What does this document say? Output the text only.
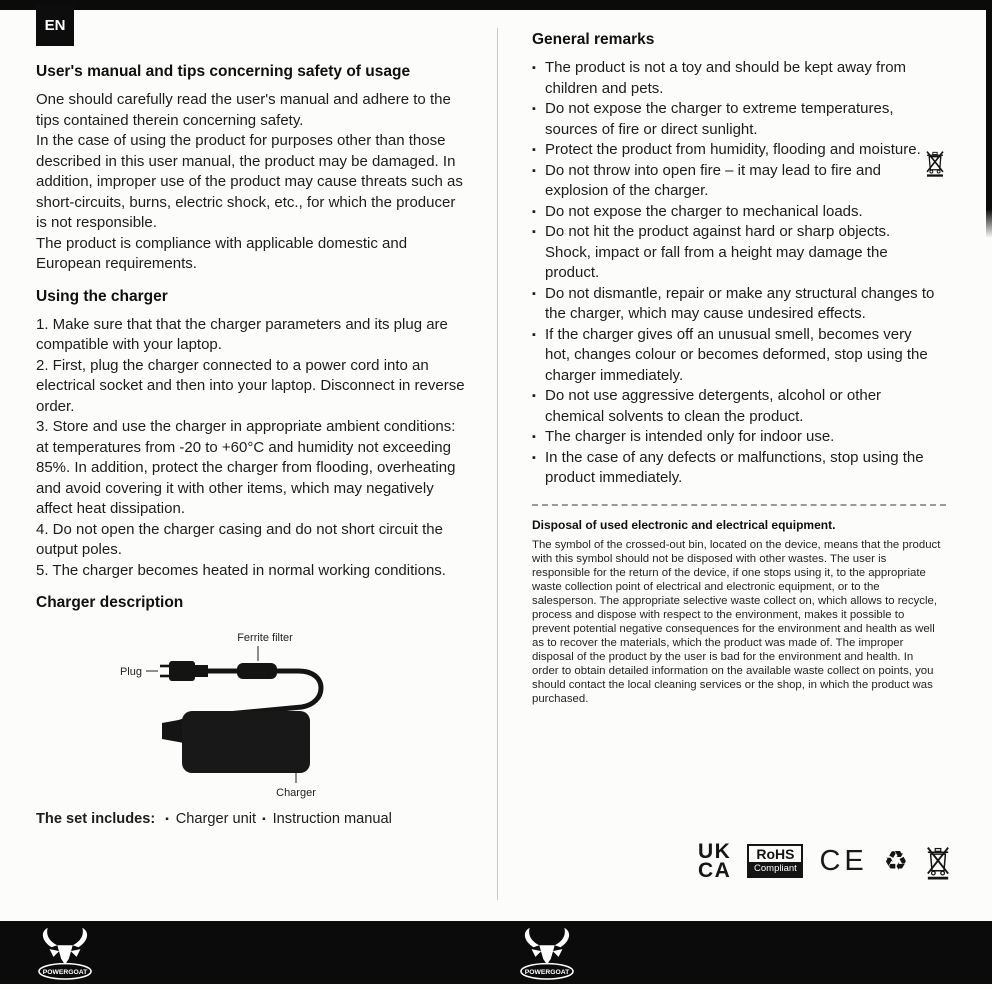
EN
User's manual and tips concerning safety of usage

One should carefully read the user's manual and adhere to the tips contained therein concerning safety.

In the case of using the product for purposes other than those described in this user manual, the product may be damaged. In addition, improper use of the product may cause threats such as short-circuits, burns, electric shock, etc., for which the producer is not responsible.

The product is compliance with applicable domestic and European requirements.

Using the charger

1. Make sure that that the charger parameters and its plug are compatible with your laptop.

2. First, plug the charger connected to a power cord into an electrical socket and then into your laptop. Disconnect in reverse order.

3. Store and use the charger in appropriate ambient conditions: at temperatures from -20 to +60°C and humidity not exceeding 85%. In addition, protect the charger from flooding, overheating and avoid covering it with other items, which may negatively affect heat dissipation.

4. Do not open the charger casing and do not short circuit the output poles.

5. The charger becomes heated in normal working conditions.

Charger description
Plug
Ferrite filter
Charger

The set includes: ▪ Charger unit ▪ Instruction manual

General remarks
▪ The product is not a toy and should be kept away from children and pets.
▪ Do not expose the charger to extreme temperatures, sources of fire or direct sunlight.
▪ Protect the product from humidity, flooding and moisture.
▪ Do not throw into open fire – it may lead to fire and explosion of the charger.
▪ Do not expose the charger to mechanical loads.
▪ Do not hit the product against hard or sharp objects. Shock, impact or fall from a height may damage the product.
▪ Do not dismantle, repair or make any structural changes to the charger, which may cause undesired effects.
▪ If the charger gives off an unusual smell, becomes very hot, changes colour or becomes deformed, stop using the charger immediately.
▪ Do not use aggressive detergents, alcohol or other chemical solvents to clean the product.
▪ The charger is intended only for indoor use.
▪ In the case of any defects or malfunctions, stop using the product immediately.
Disposal of used electronic and electrical equipment.

The symbol of the crossed-out bin, located on the device, means that the product with this symbol should not be disposed with other wastes. The user is responsible for the return of the device, if one stops using it, to the appropriate waste collection point of electrical and electronic equipment, or to the salesperson. The appropriate selective waste collect on, which allows to recycle, process and dispose with respect to the environment, makes it possible to prevent potential negative consequences for the environment and health as well as to recover the materials, which the product was made of. The improper disposal of the product by the user is bad for the environment and health. In order to obtain detailed information on the available waste collect on points, you should contact the local cleaning services or the shop, in which the product was purchased.

UK
CA
RoHS
Compliant CE ♻
POWERGOAT	POWERGOAT
